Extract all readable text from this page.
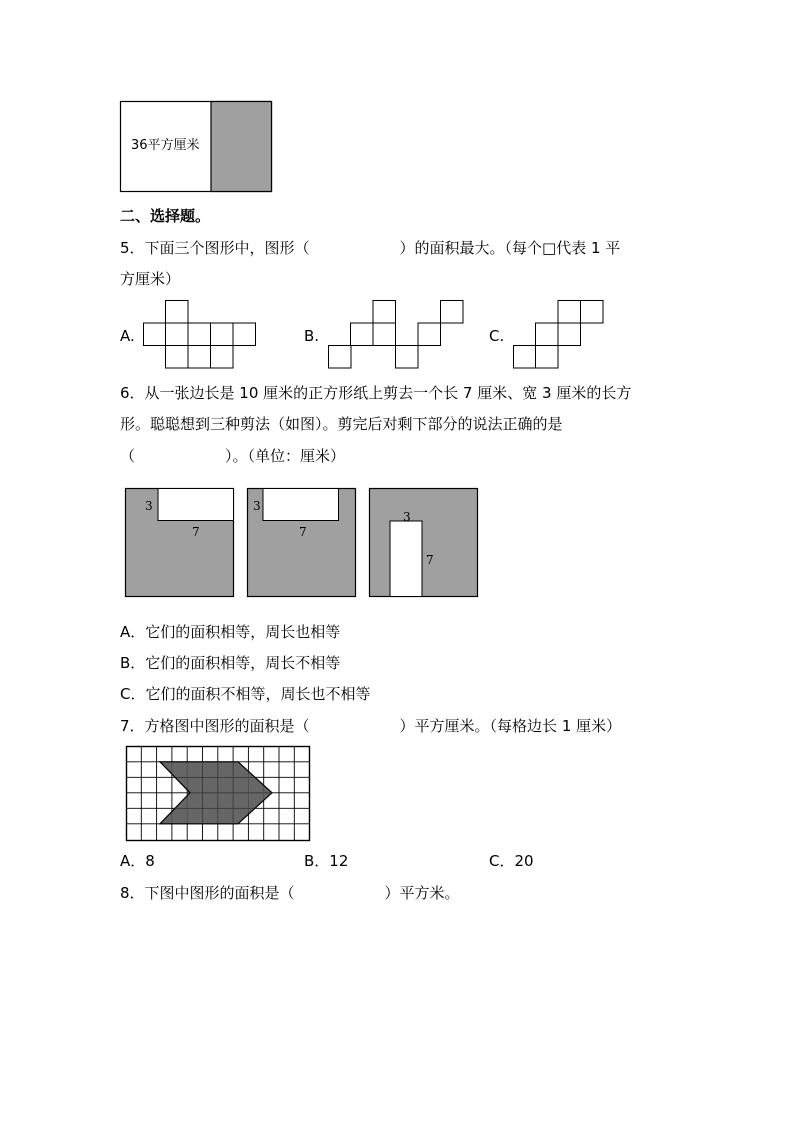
36平方厘米
二、选择题。
5．下面三个图形中，图形（　　　　　　）的面积最大。（每个□代表 1 平
方厘米）
A.	B.	C.
6．从一张边长是 10 厘米的正方形纸上剪去一个长 7 厘米、宽 3 厘米的长方
形。聪聪想到三种剪法（如图）。剪完后对剩下部分的说法正确的是
（　　　　　　）。（单位：厘米）
3
7
3
7
3
7
A．它们的面积相等，周长也相等
B．它们的面积相等，周长不相等
C．它们的面积不相等，周长也不相等
7．方格图中图形的面积是（　　　　　　）平方厘米。（每格边长 1 厘米）
A．8	B．12	C．20
8．下图中图形的面积是（　　　　　　）平方米。
